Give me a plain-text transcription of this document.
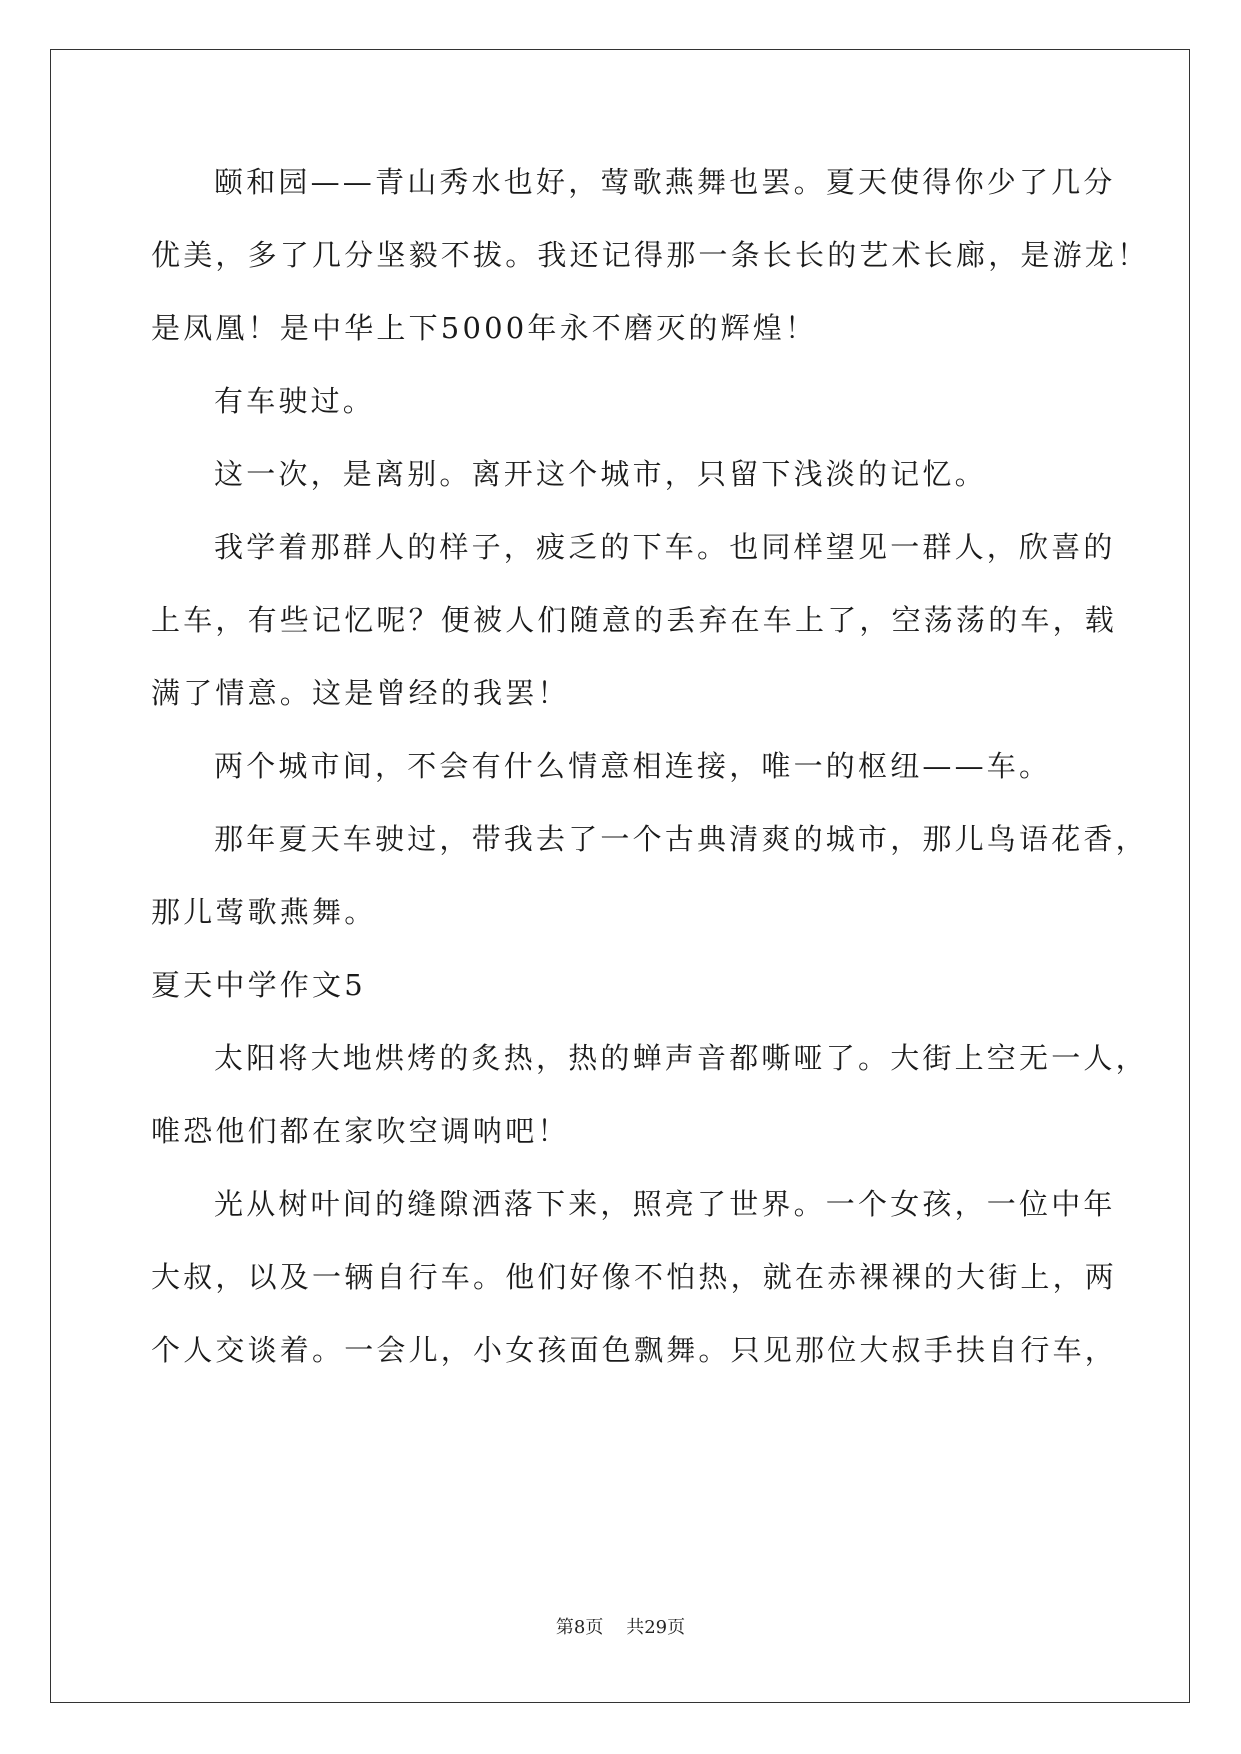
颐和园——青山秀水也好，莺歌燕舞也罢。夏天使得你少了几分
优美，多了几分坚毅不拔。我还记得那一条长长的艺术长廊，是游龙！
是凤凰！是中华上下5000年永不磨灭的辉煌！
有车驶过。
这一次，是离别。离开这个城市，只留下浅淡的记忆。
我学着那群人的样子，疲乏的下车。也同样望见一群人，欣喜的
上车，有些记忆呢？便被人们随意的丢弃在车上了，空荡荡的车，载
满了情意。这是曾经的我罢！
两个城市间，不会有什么情意相连接，唯一的枢纽——车。
那年夏天车驶过，带我去了一个古典清爽的城市，那儿鸟语花香，
那儿莺歌燕舞。
夏天中学作文5
太阳将大地烘烤的炙热，热的蝉声音都嘶哑了。大街上空无一人，
唯恐他们都在家吹空调呐吧！
光从树叶间的缝隙洒落下来，照亮了世界。一个女孩，一位中年
大叔，以及一辆自行车。他们好像不怕热，就在赤裸裸的大街上，两
个人交谈着。一会儿，小女孩面色飘舞。只见那位大叔手扶自行车，
第8页    共29页
